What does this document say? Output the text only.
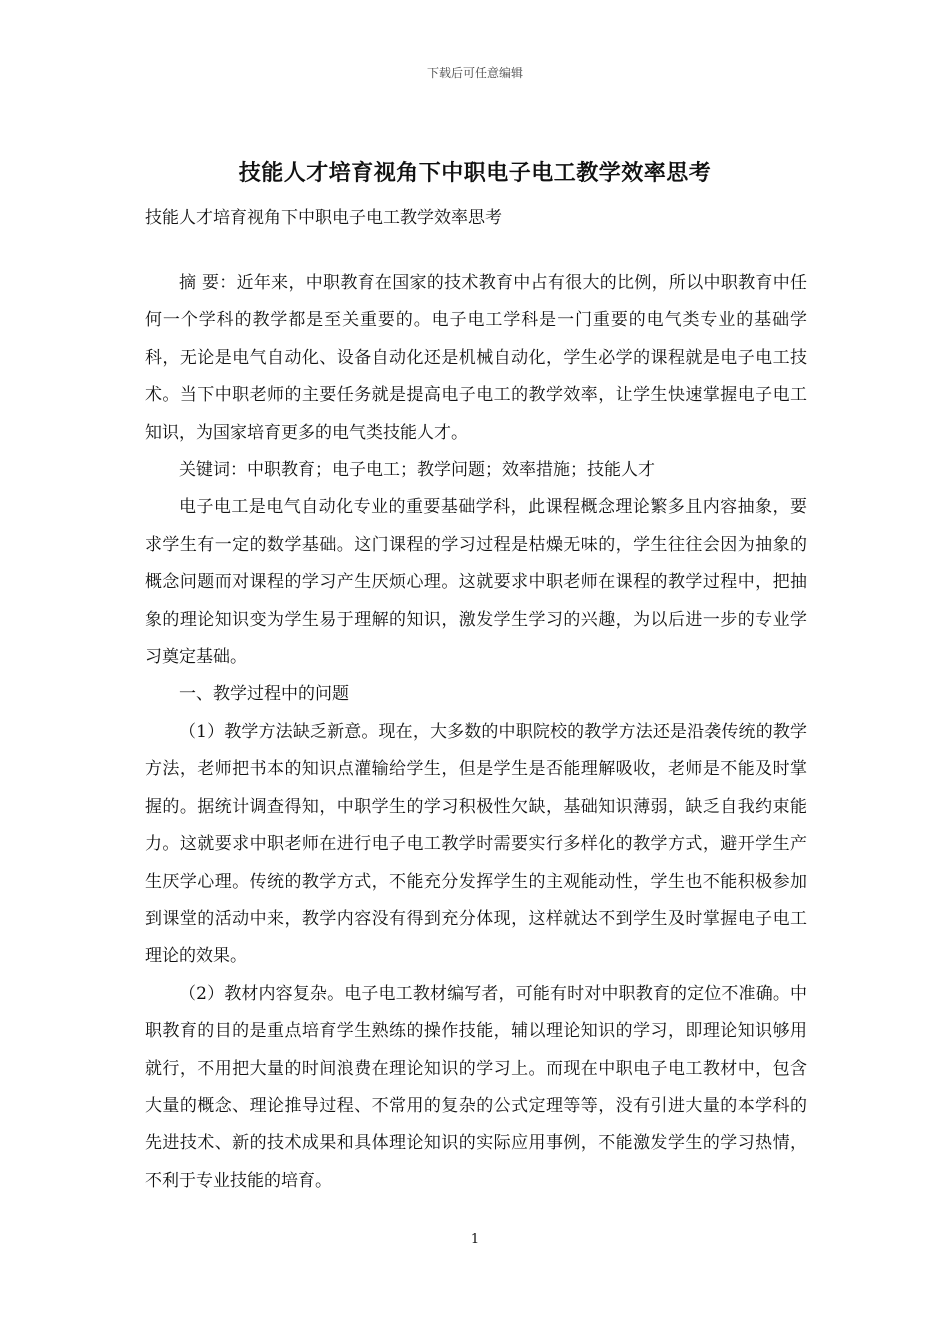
下载后可任意编辑
技能人才培育视角下中职电子电工教学效率思考
技能人才培育视角下中职电子电工教学效率思考

摘 要：近年来，中职教育在国家的技术教育中占有很大的比例，所以中职教育中任何一个学科的教学都是至关重要的。电子电工学科是一门重要的电气类专业的基础学科，无论是电气自动化、设备自动化还是机械自动化，学生必学的课程就是电子电工技术。当下中职老师的主要任务就是提高电子电工的教学效率，让学生快速掌握电子电工知识，为国家培育更多的电气类技能人才。

关键词：中职教育；电子电工；教学问题；效率措施；技能人才

电子电工是电气自动化专业的重要基础学科，此课程概念理论繁多且内容抽象，要求学生有一定的数学基础。这门课程的学习过程是枯燥无味的，学生往往会因为抽象的概念问题而对课程的学习产生厌烦心理。这就要求中职老师在课程的教学过程中，把抽象的理论知识变为学生易于理解的知识，激发学生学习的兴趣，为以后进一步的专业学习奠定基础。

一、教学过程中的问题

（1）教学方法缺乏新意。现在，大多数的中职院校的教学方法还是沿袭传统的教学方法，老师把书本的知识点灌输给学生，但是学生是否能理解吸收，老师是不能及时掌握的。据统计调查得知，中职学生的学习积极性欠缺，基础知识薄弱，缺乏自我约束能力。这就要求中职老师在进行电子电工教学时需要实行多样化的教学方式，避开学生产生厌学心理。传统的教学方式，不能充分发挥学生的主观能动性，学生也不能积极参加到课堂的活动中来，教学内容没有得到充分体现，这样就达不到学生及时掌握电子电工理论的效果。

（2）教材内容复杂。电子电工教材编写者，可能有时对中职教育的定位不准确。中职教育的目的是重点培育学生熟练的操作技能，辅以理论知识的学习，即理论知识够用就行，不用把大量的时间浪费在理论知识的学习上。而现在中职电子电工教材中，包含大量的概念、理论推导过程、不常用的复杂的公式定理等等，没有引进大量的本学科的先进技术、新的技术成果和具体理论知识的实际应用事例，不能激发学生的学习热情，不利于专业技能的培育。

1
